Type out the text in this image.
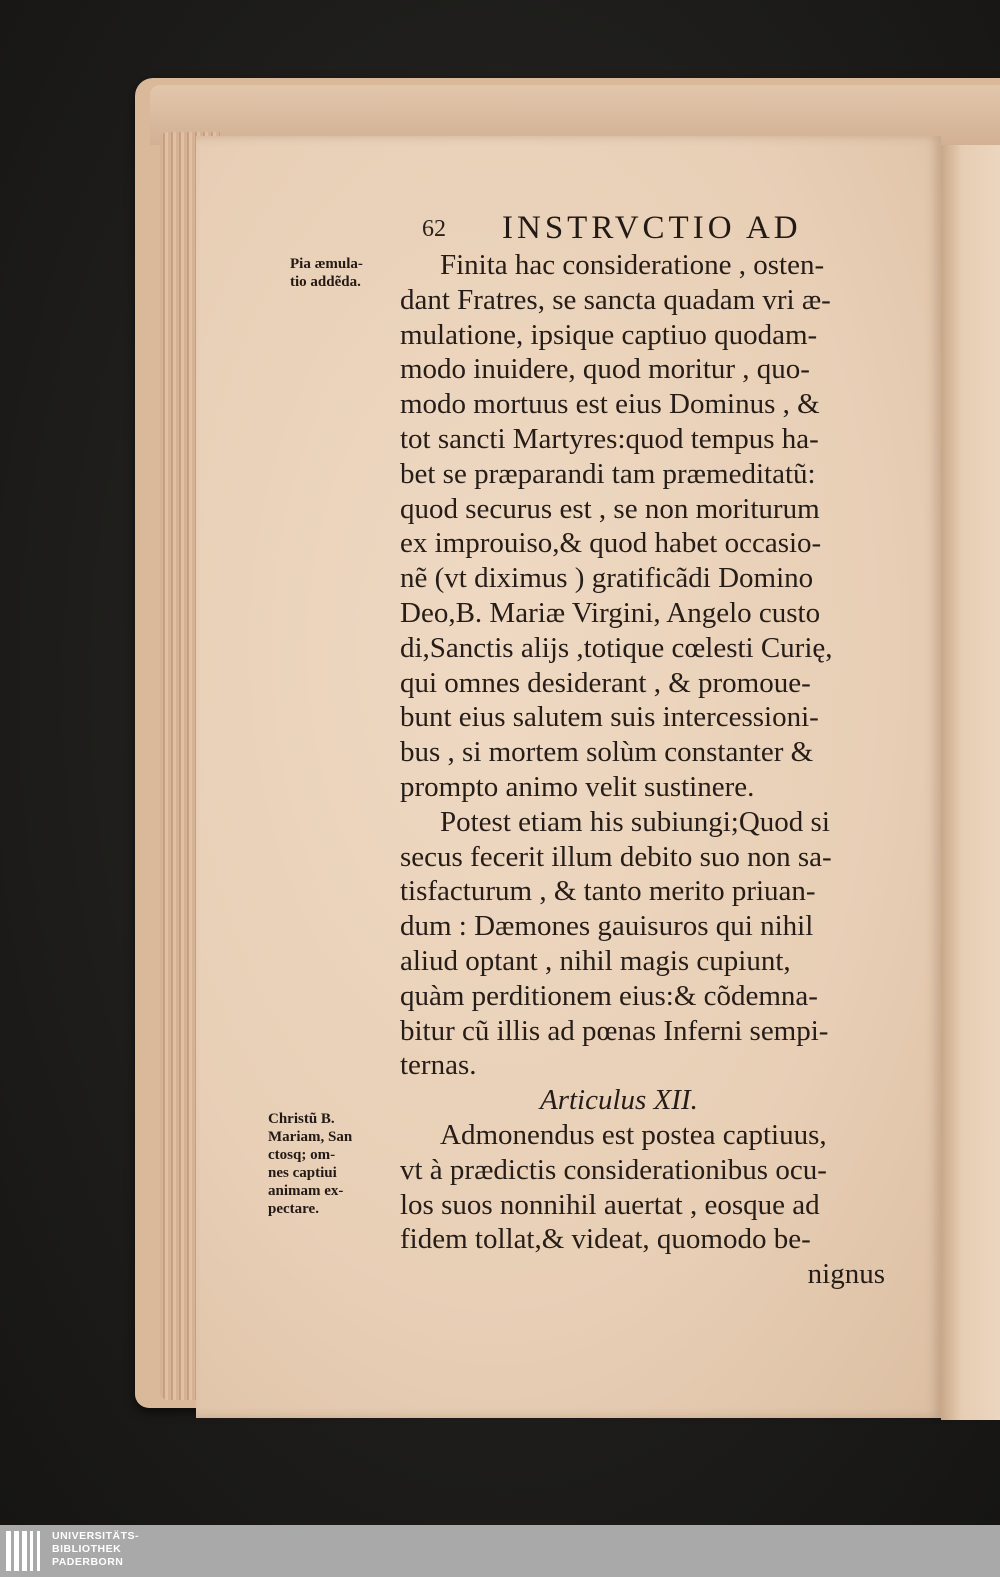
62 INSTRVCTIO AD
Pia æmula-
tio addẽda.
Christũ B.
Mariam, San
ctosq; om-
nes captiui
animam ex-
pectare.
Finita hac consideratione , osten-
dant Fratres, se sancta quadam vri æ-
mulatione, ipsique captiuo quodam-
modo inuidere, quod moritur , quo-
modo mortuus est eius Dominus , &
tot sancti Martyres:quod tempus ha-
bet se præparandi tam præmeditatũ:
quod securus est , se non moriturum
ex improuiso,& quod habet occasio-
nẽ (vt diximus ) gratificãdi Domino
Deo,B. Mariæ Virgini, Angelo custo
di,Sanctis alijs ,totique cœlesti Curię,
qui omnes desiderant , & promoue-
bunt eius salutem suis intercessioni-
bus , si mortem solùm constanter &
prompto animo velit sustinere.
Potest etiam his subiungi;Quod si
secus fecerit illum debito suo non sa-
tisfacturum , & tanto merito priuan-
dum : Dæmones gauisuros qui nihil
aliud optant , nihil magis cupiunt,
quàm perditionem eius:& cõdemna-
bitur cũ illis ad pœnas Inferni sempi-
ternas.
Articulus XII.
Admonendus est postea captiuus,
vt à prædictis considerationibus ocu-
los suos nonnihil auertat , eosque ad
fidem tollat,& videat, quomodo be-
nignus
UNIVERSITÄTS-
BIBLIOTHEK
PADERBORN
